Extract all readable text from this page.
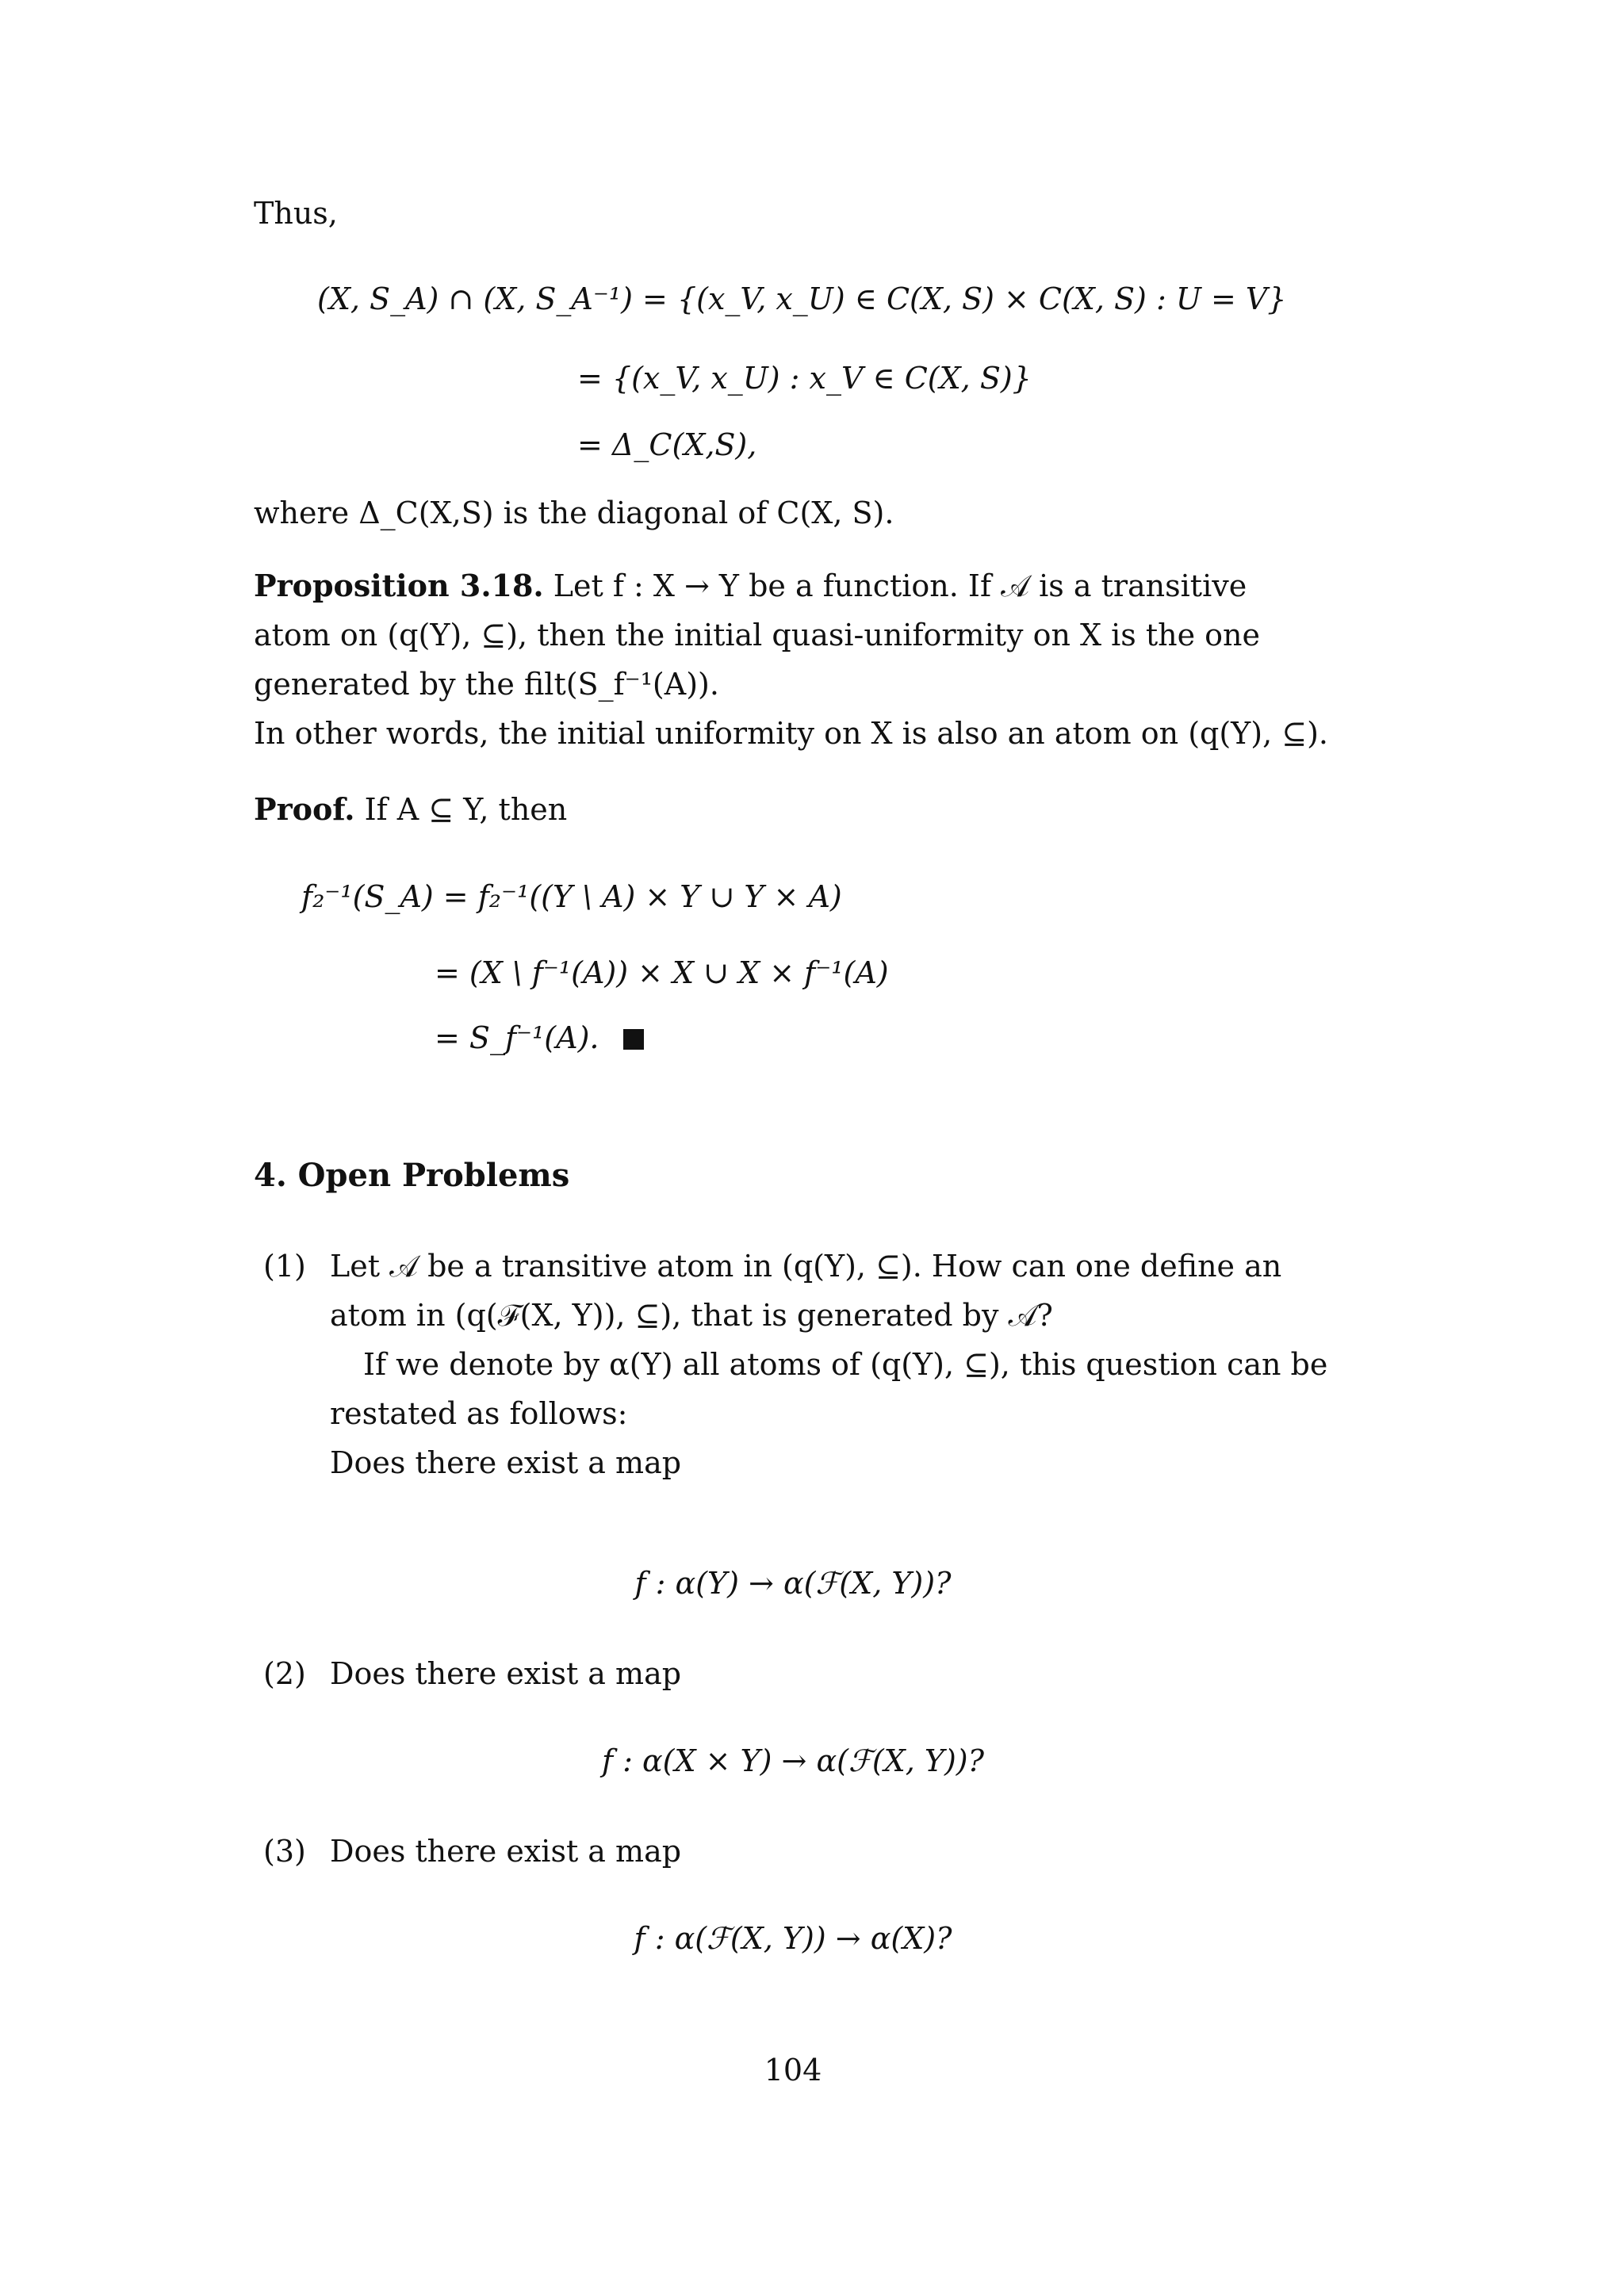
Thus,
(X, S_A) ∩ (X, S_A⁻¹) = {(x_V, x_U) ∈ C(X, S) × C(X, S) : U = V}
= {(x_V, x_U) : x_V ∈ C(X, S)}
= Δ_C(X,S),
where Δ_C(X,S) is the diagonal of C(X, S).

Proposition 3.18. Let f : X → Y be a function. If 𝒜 is a transitive atom on (q(Y), ⊆), then the initial quasi-uniformity on X is the one generated by the filt(S_f⁻¹(A)).

In other words, the initial uniformity on X is also an atom on (q(Y), ⊆).

Proof. If A ⊆ Y, then
f₂⁻¹(S_A) = f₂⁻¹((Y \ A) × Y ∪ Y × A)
= (X \ f⁻¹(A)) × X ∪ X × f⁻¹(A)
= S_f⁻¹(A).
4. Open Problems
(1) Let 𝒜 be a transitive atom in (q(Y), ⊆). How can one define an atom in (q(ℱ(X, Y)), ⊆), that is generated by 𝒜?

If we denote by α(Y) all atoms of (q(Y), ⊆), this question can be restated as follows:

Does there exist a map

f : α(Y) → α(ℱ(X, Y))?
(2) Does there exist a map

f : α(X × Y) → α(ℱ(X, Y))?
(3) Does there exist a map

f : α(ℱ(X, Y)) → α(X)?
104
